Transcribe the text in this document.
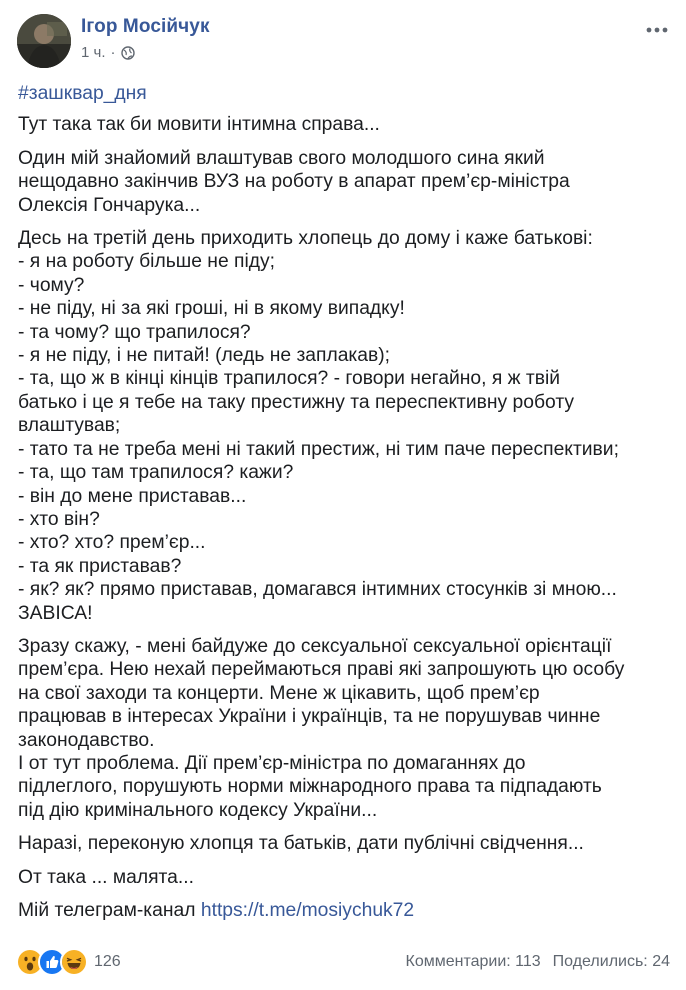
Ігор Мосійчук
1 ч. ·
#зашквар_дня
Тут така так би мовити інтимна справа...
Один мій знайомий влаштував свого молодшого сина який
нещодавно закінчив ВУЗ на роботу в апарат прем’єр-міністра
Олексія Гончарука...
Десь на третій день приходить хлопець до дому і каже батькові:
- я на роботу більше не піду;
- чому?
- не піду, ні за які гроші, ні в якому випадку!
- та чому? що трапилося?
- я не піду, і не питай! (ледь не заплакав);
- та, що ж в кінці кінців трапилося? - говори негайно, я ж твій
батько і це я тебе на таку престижну та переспективну роботу
влаштував;
- тато та не треба мені ні такий престиж, ні тим паче переспективи;
- та, що там трапилося? кажи?
- він до мене приставав...
- хто він?
- хто? хто? прем’єр...
- та як приставав?
- як? як? прямо приставав, домагався інтимних стосунків зі мною...
ЗАВІСА!
Зразу скажу, - мені байдуже до сексуальної сексуальної орієнтації
прем’єра. Нею нехай переймаються праві які запрошують цю особу
на свої заходи та концерти. Мене ж цікавить, щоб прем’єр
працював в інтересах України і українців, та не порушував чинне
законодавство.
І от тут проблема. Дії прем’єр-міністра по домаганнях до
підлеглого, порушують норми міжнародного права та підпадають
під дію кримінального кодексу України...
Наразі, переконую хлопця та батьків, дати публічні свідчення...
От така ... малята...
Мій телеграм-канал https://t.me/mosiychuk72
126	Комментарии: 113 Поделились: 24
